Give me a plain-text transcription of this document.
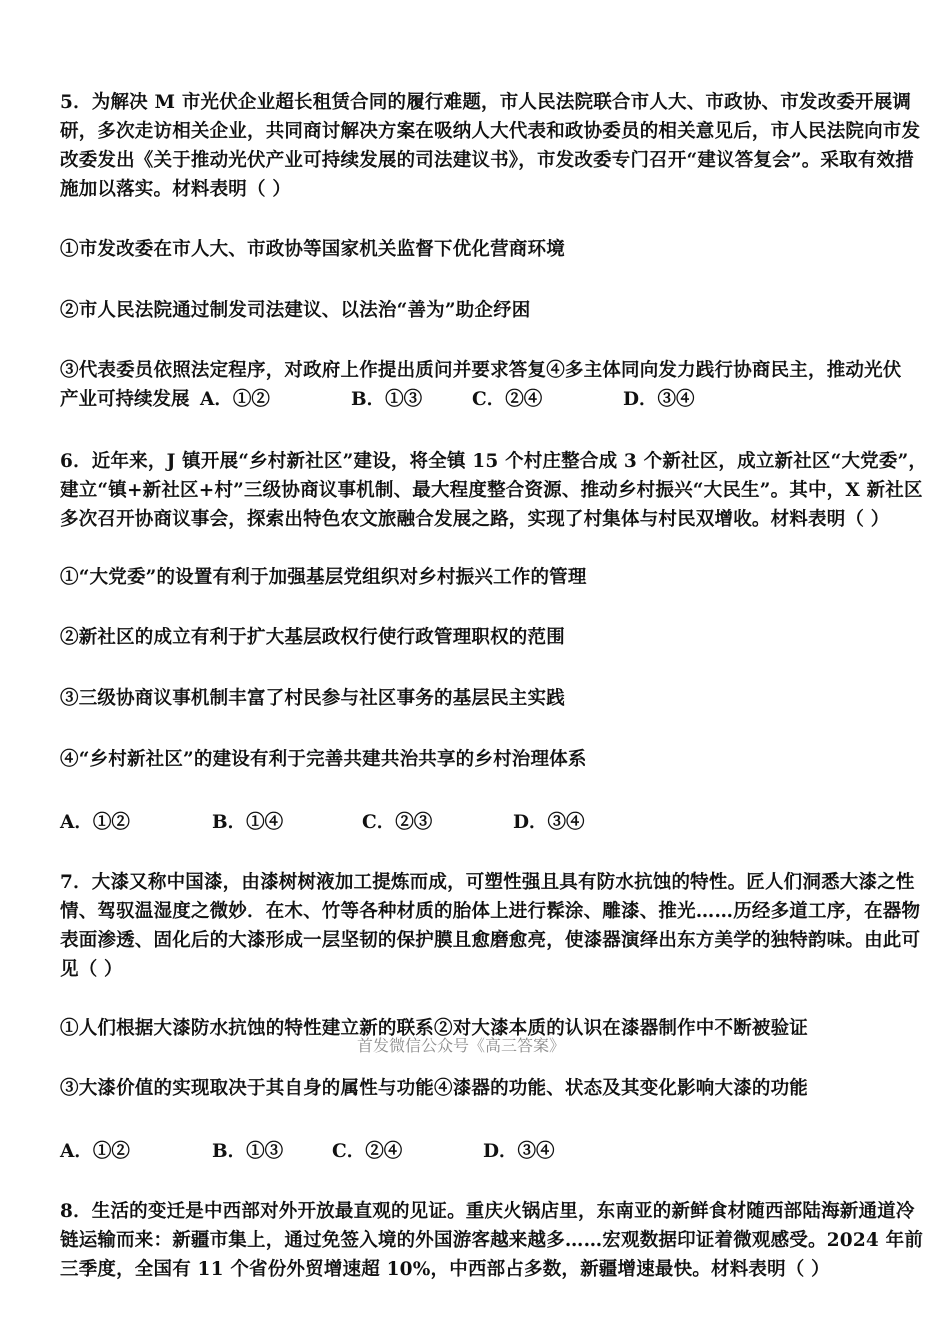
5．为解决 M 市光伏企业超长租赁合同的履行难题，市人民法院联合市人大、市政协、市发改委开展调研，多次走访相关企业，共同商讨解决方案在吸纳人大代表和政协委员的相关意见后，市人民法院向市发改委发出《关于推动光伏产业可持续发展的司法建议书》，市发改委专门召开“建议答复会”。采取有效措施加以落实。材料表明（ ）
①市发改委在市人大、市政协等国家机关监督下优化营商环境
②市人民法院通过制发司法建议、以法治“善为”助企纾困
③代表委员依照法定程序，对政府上作提出质问并要求答复④多主体同向发力践行协商民主，推动光伏
产业可持续发展 A．①②	B．①③	C．②④	D．③④
6．近年来，J 镇开展“乡村新社区”建设，将全镇 15 个村庄整合成 3 个新社区，成立新社区“大党委”，建立“镇+新社区+村”三级协商议事机制、最大程度整合资源、推动乡村振兴“大民生”。其中，X 新社区多次召开协商议事会，探索出特色农文旅融合发展之路，实现了村集体与村民双增收。材料表明（ ）
①“大党委”的设置有利于加强基层党组织对乡村振兴工作的管理
②新社区的成立有利于扩大基层政权行使行政管理职权的范围
③三级协商议事机制丰富了村民参与社区事务的基层民主实践
④“乡村新社区”的建设有利于完善共建共治共享的乡村治理体系
A．①②	B．①④	C．②③	D．③④
7．大漆又称中国漆，由漆树树液加工提炼而成，可塑性强且具有防水抗蚀的特性。匠人们洞悉大漆之性情、驾驭温湿度之微妙．在木、竹等各种材质的胎体上进行髹涂、雕漆、推光……历经多道工序，在器物表面渗透、固化后的大漆形成一层坚韧的保护膜且愈磨愈亮，使漆器演绎出东方美学的独特韵味。由此可见（ ）
①人们根据大漆防水抗蚀的特性建立新的联系②对大漆本质的认识在漆器制作中不断被验证
首发微信公众号《高三答案》
③大漆价值的实现取决于其自身的属性与功能④漆器的功能、状态及其变化影响大漆的功能
A．①②	B．①③	C．②④	D．③④
8．生活的变迁是中西部对外开放最直观的见证。重庆火锅店里，东南亚的新鲜食材随西部陆海新通道冷链运输而来：新疆市集上，通过免签入境的外国游客越来越多……宏观数据印证着微观感受。2024 年前三季度，全国有 11 个省份外贸增速超 10%，中西部占多数，新疆增速最快。材料表明（ ）
